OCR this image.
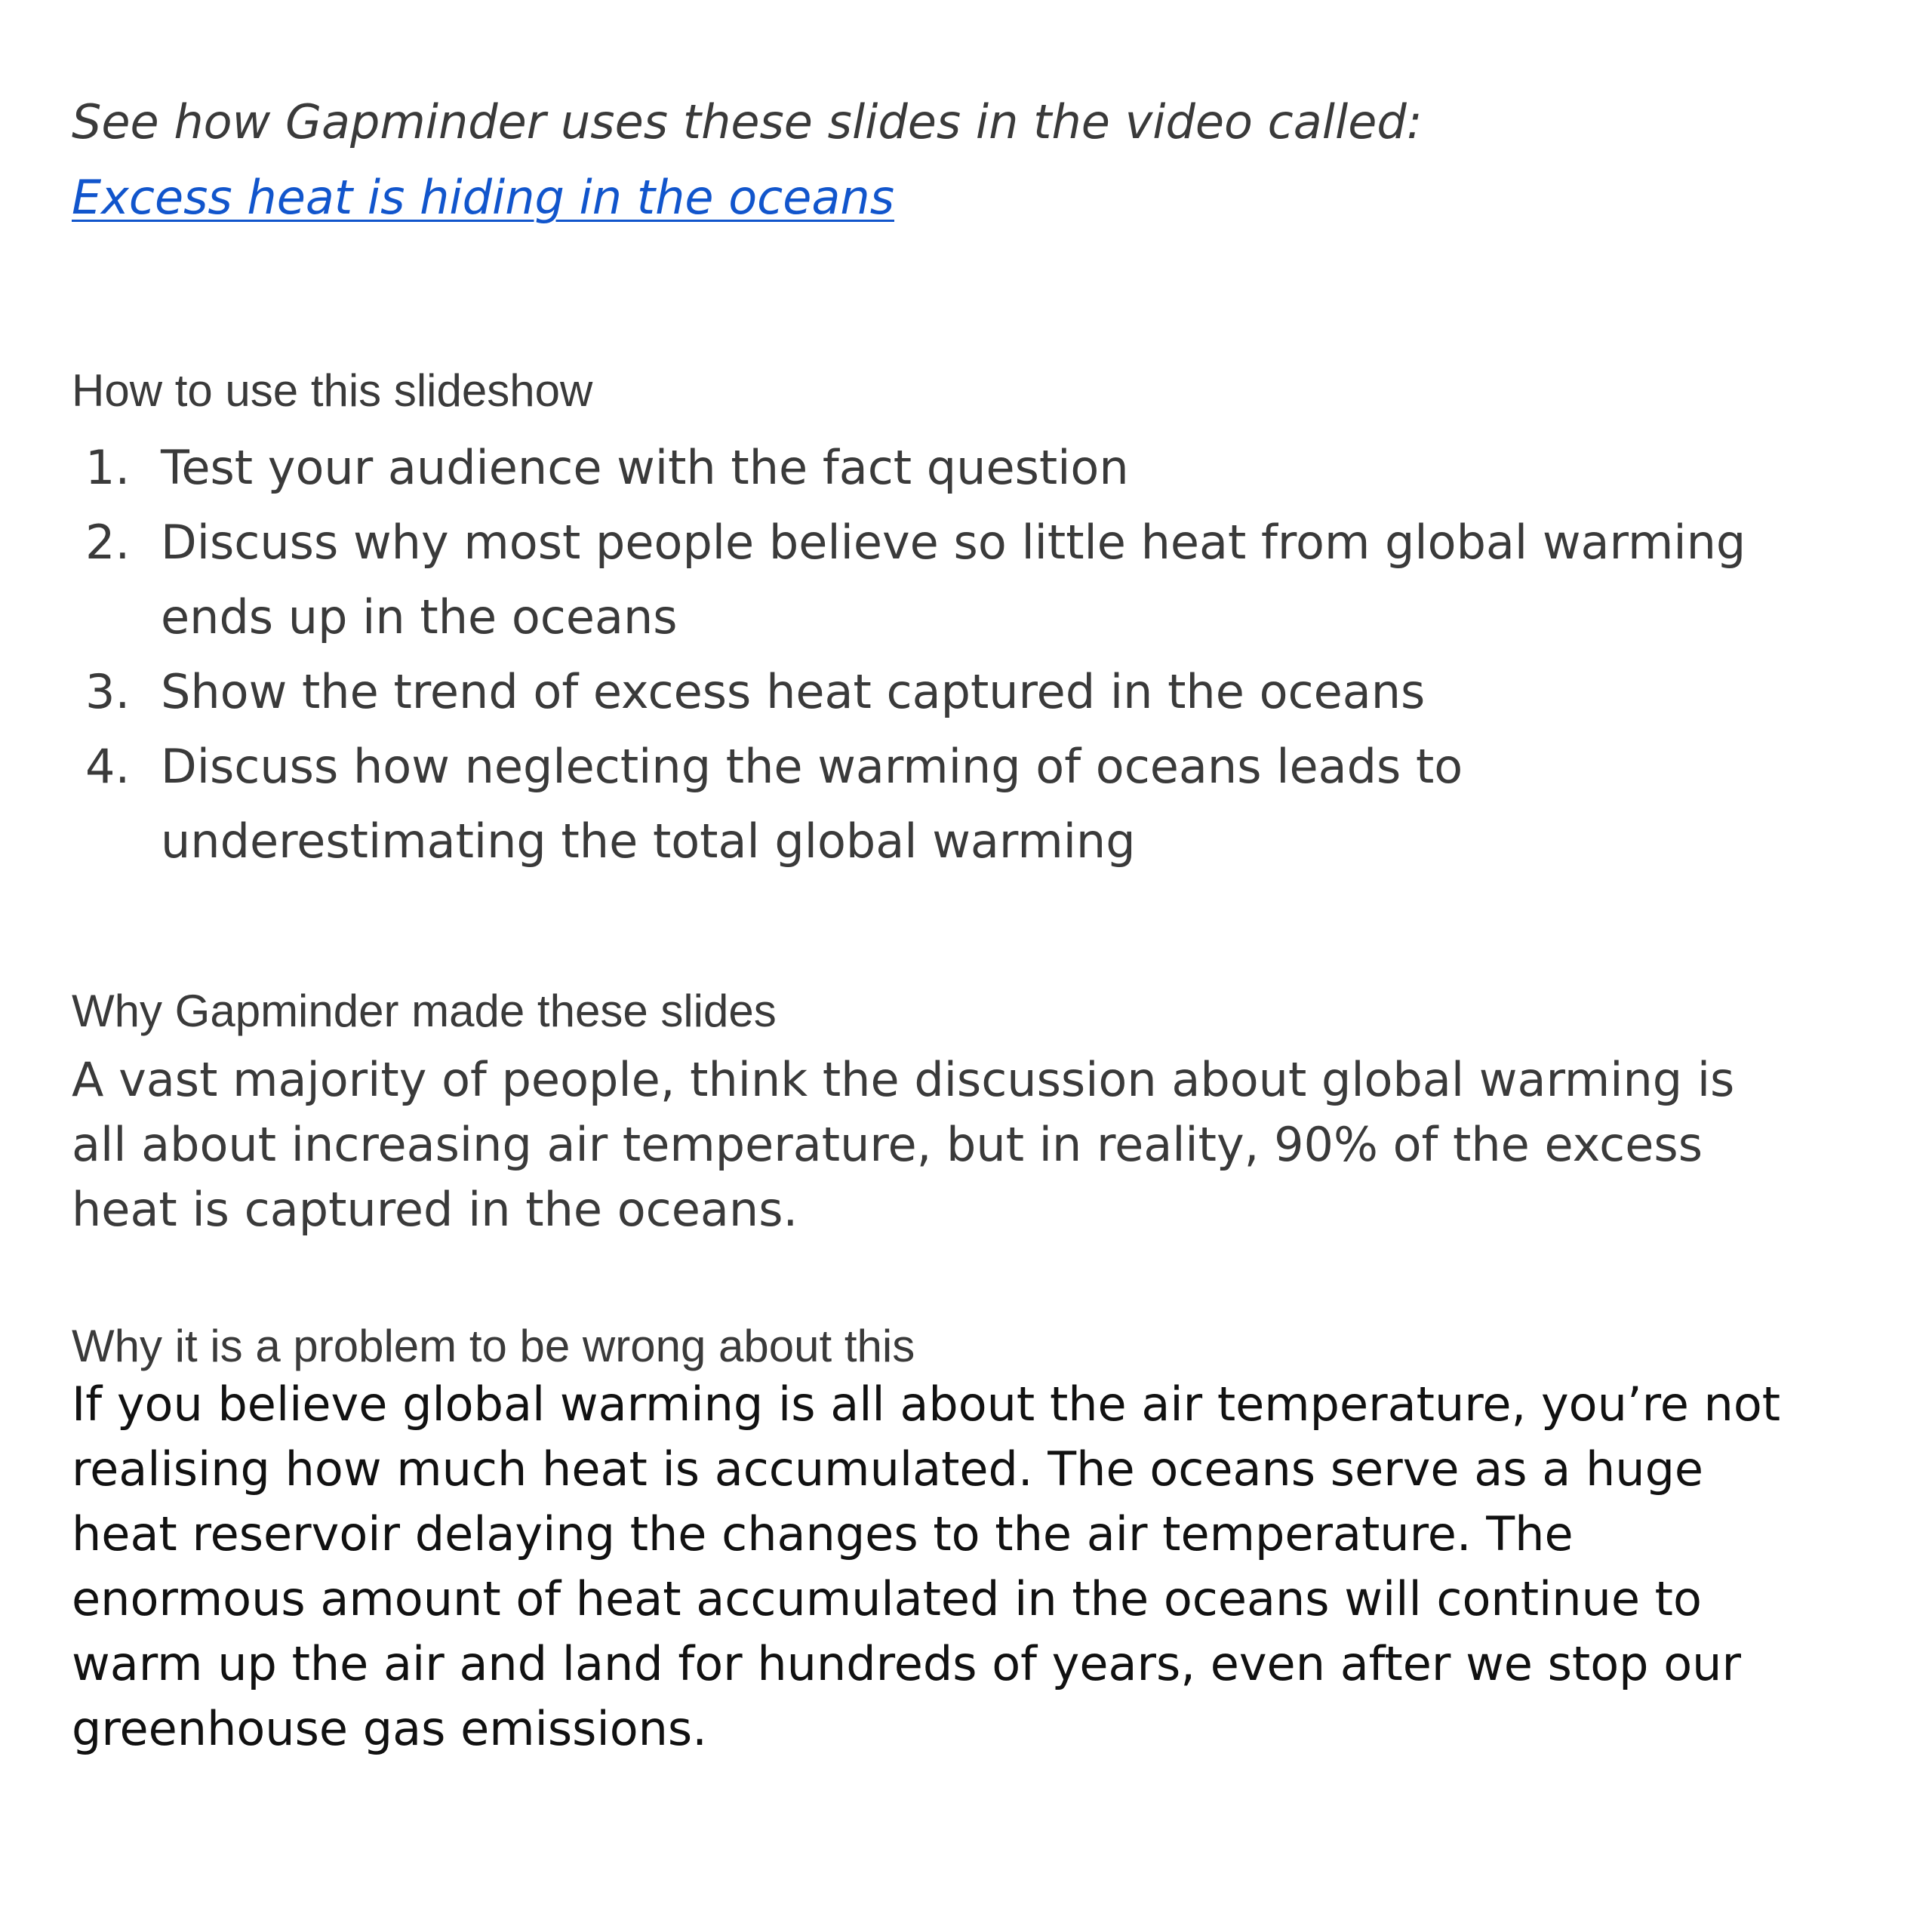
See how Gapminder uses these slides in the video called:
Excess heat is hiding in the oceans
How to use this slideshow
1. Test your audience with the fact question
2. Discuss why most people believe so little heat from global warming
ends up in the oceans
3. Show the trend of excess heat captured in the oceans
4. Discuss how neglecting the warming of oceans leads to
underestimating the total global warming
Why Gapminder made these slides

A vast majority of people, think the discussion about global warming is
all about increasing air temperature, but in reality, 90% of the excess
heat is captured in the oceans.

Why it is a problem to be wrong about this

If you believe global warming is all about the air temperature, you’re not
realising how much heat is accumulated. The oceans serve as a huge
heat reservoir delaying the changes to the air temperature. The
enormous amount of heat accumulated in the oceans will continue to
warm up the air and land for hundreds of years, even after we stop our
greenhouse gas emissions.
